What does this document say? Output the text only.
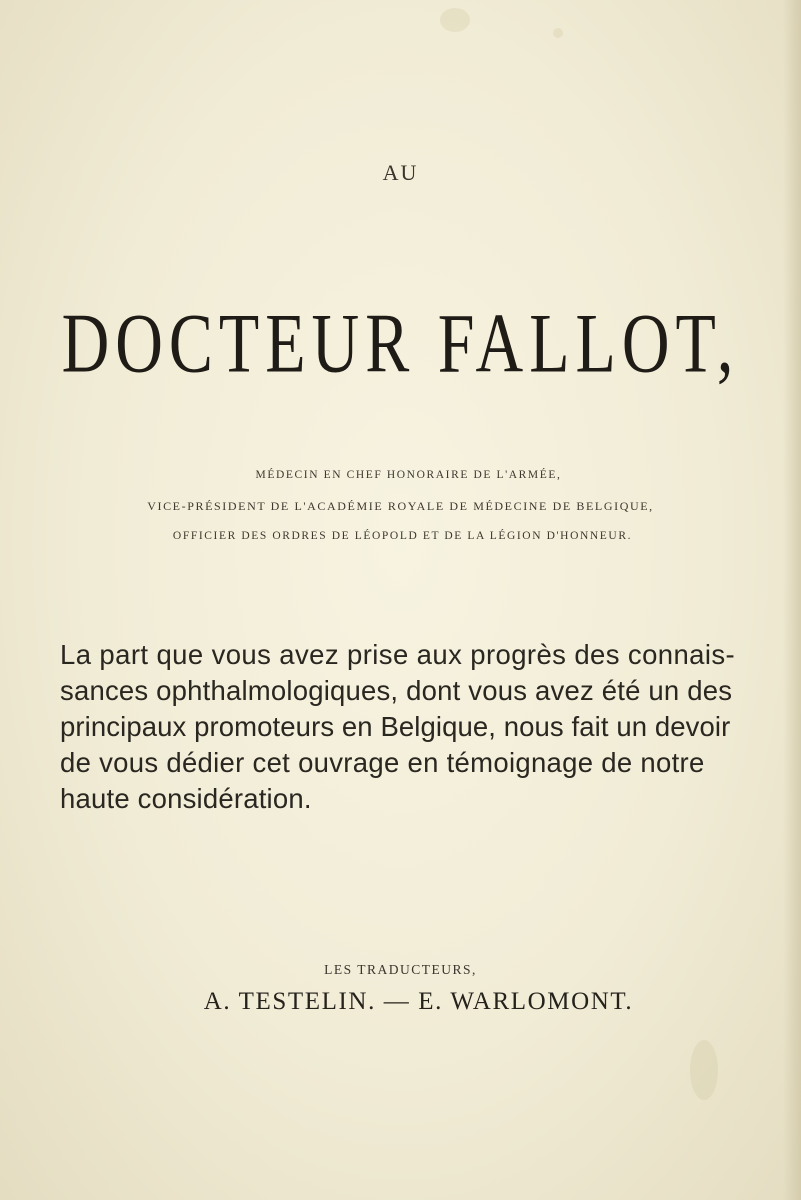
AU
DOCTEUR FALLOT,
MÉDECIN EN CHEF HONORAIRE DE L'ARMÉE,
VICE-PRÉSIDENT DE L'ACADÉMIE ROYALE DE MÉDECINE DE BELGIQUE,
OFFICIER DES ORDRES DE LÉOPOLD ET DE LA LÉGION D'HONNEUR.
La part que vous avez prise aux progrès des connais-
sances ophthalmologiques, dont vous avez été un des
principaux promoteurs en Belgique, nous fait un devoir
de vous dédier cet ouvrage en témoignage de notre
haute considération.
LES TRADUCTEURS,
A. TESTELIN. — E. WARLOMONT.
